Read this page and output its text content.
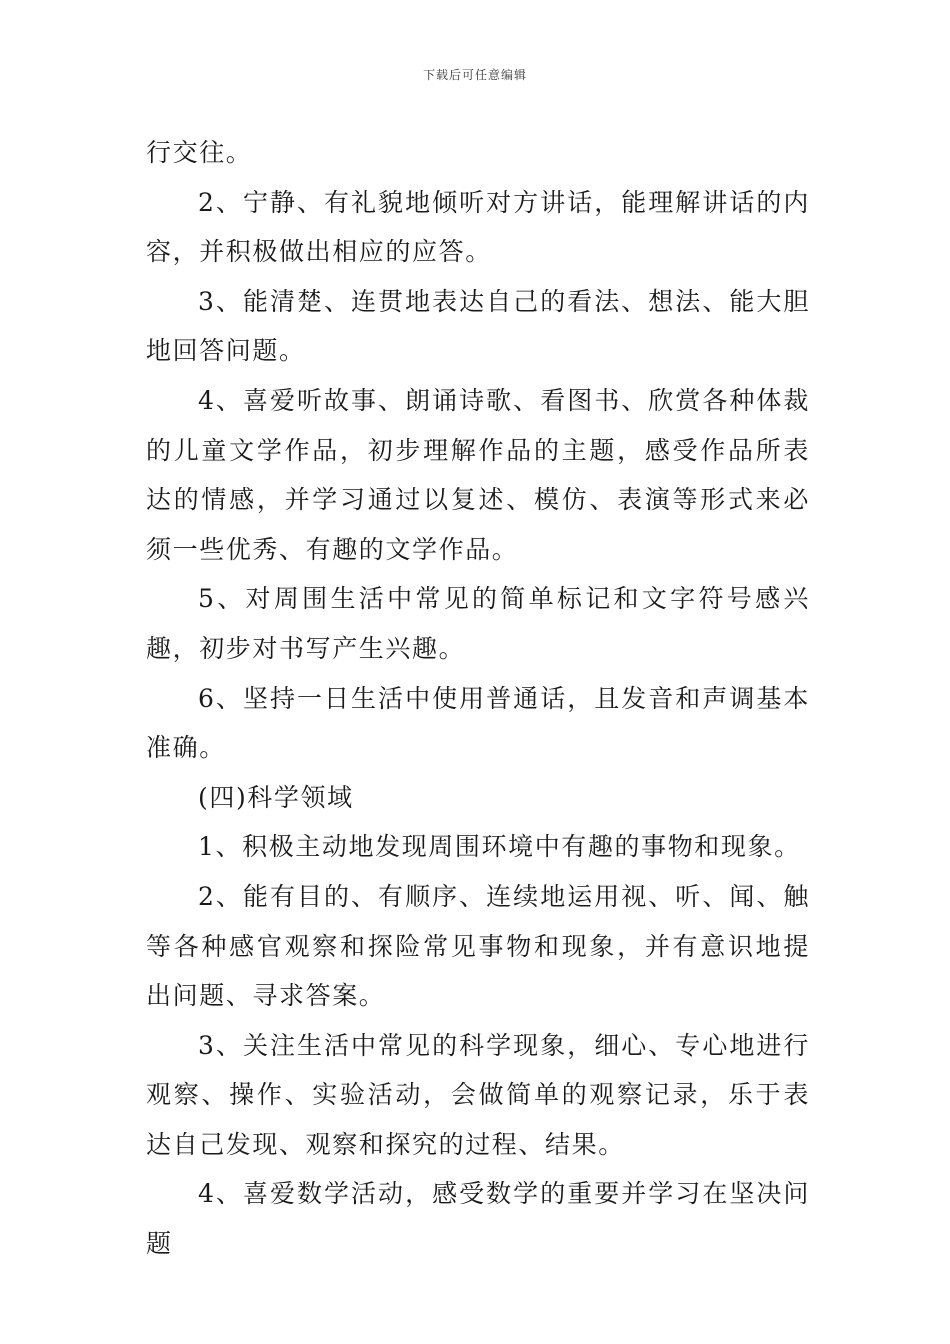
下载后可任意编辑

行交往。

2、宁静、有礼貌地倾听对方讲话，能理解讲话的内容，并积极做出相应的应答。

3、能清楚、连贯地表达自己的看法、想法、能大胆地回答问题。

4、喜爱听故事、朗诵诗歌、看图书、欣赏各种体裁的儿童文学作品，初步理解作品的主题，感受作品所表达的情感，并学习通过以复述、模仿、表演等形式来必须一些优秀、有趣的文学作品。

5、对周围生活中常见的简单标记和文字符号感兴趣，初步对书写产生兴趣。

6、坚持一日生活中使用普通话，且发音和声调基本准确。

(四)科学领域

1、积极主动地发现周围环境中有趣的事物和现象。

2、能有目的、有顺序、连续地运用视、听、闻、触等各种感官观察和探险常见事物和现象，并有意识地提出问题、寻求答案。

3、关注生活中常见的科学现象，细心、专心地进行观察、操作、实验活动，会做简单的观察记录，乐于表达自己发现、观察和探究的过程、结果。

4、喜爱数学活动，感受数学的重要并学习在坚决问题
